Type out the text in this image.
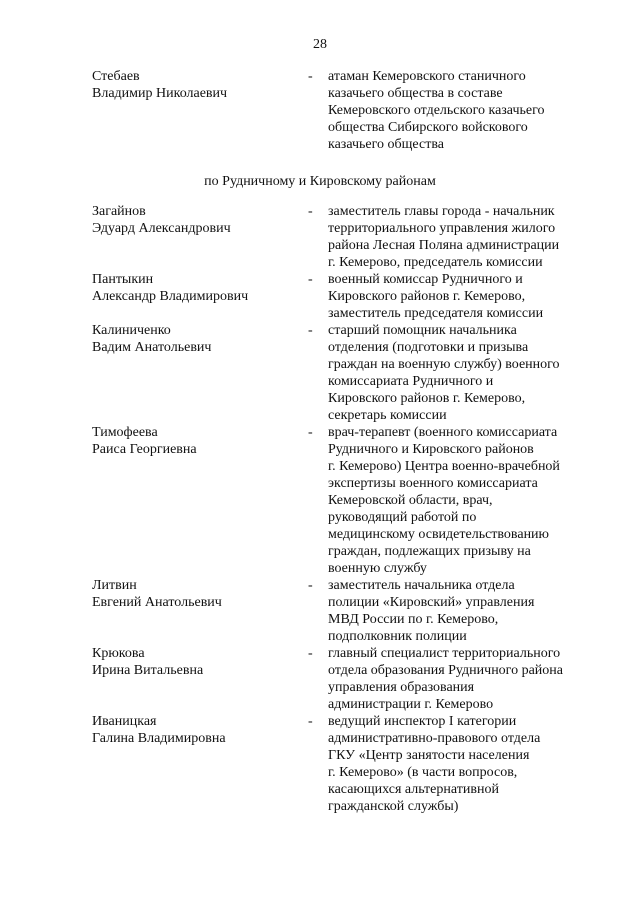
28
Стебаев
Владимир Николаевич
-	атаман Кемеровского станичного
казачьего общества в составе
Кемеровского отдельского казачьего
общества Сибирского войскового
казачьего общества
по Рудничному и Кировскому районам
Загайнов
Эдуард Александрович
-	заместитель главы города - начальник
территориального управления жилого
района Лесная Поляна администрации
г. Кемерово, председатель комиссии
Пантыкин
Александр Владимирович
-	военный комиссар Рудничного и
Кировского районов г. Кемерово,
заместитель председателя комиссии
Калиниченко
Вадим Анатольевич
-	старший помощник начальника
отделения (подготовки и призыва
граждан на военную службу) военного
комиссариата Рудничного и
Кировского районов г. Кемерово,
секретарь комиссии
Тимофеева
Раиса Георгиевна
-	врач-терапевт (военного комиссариата
Рудничного и Кировского районов
г. Кемерово) Центра военно-врачебной
экспертизы военного комиссариата
Кемеровской области, врач,
руководящий работой по
медицинскому освидетельствованию
граждан, подлежащих призыву на
военную службу
Литвин
Евгений Анатольевич
-	заместитель начальника отдела
полиции «Кировский» управления
МВД России по г. Кемерово,
подполковник полиции
Крюкова
Ирина Витальевна
-	главный специалист территориального
отдела образования Рудничного района
управления образования
администрации г. Кемерово
Иваницкая
Галина Владимировна
-	ведущий инспектор I категории
административно-правового отдела
ГКУ «Центр занятости населения
г. Кемерово» (в части вопросов,
касающихся альтернативной
гражданской службы)
